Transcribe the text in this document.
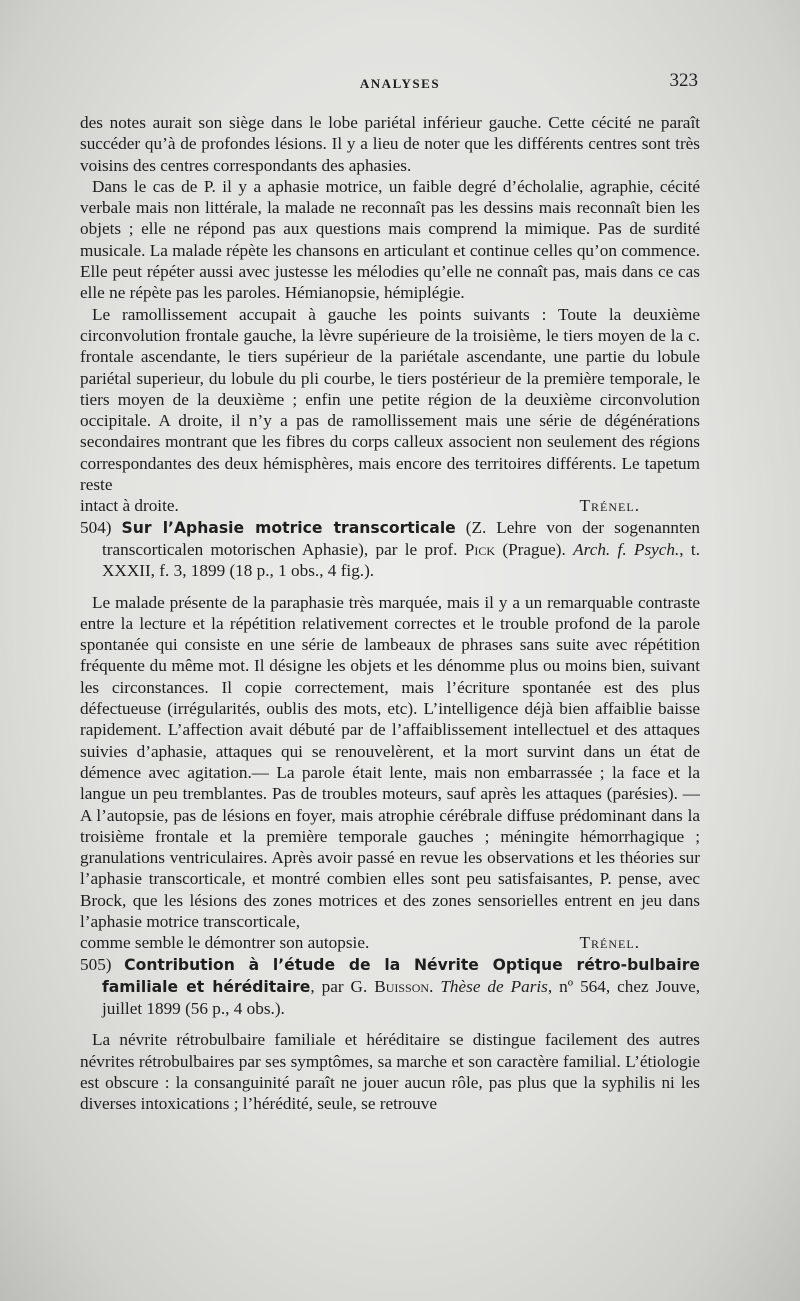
ANALYSES	323

des notes aurait son siège dans le lobe pariétal inférieur gauche. Cette cécité ne paraît succéder qu’à de profondes lésions. Il y a lieu de noter que les différents centres sont très voisins des centres correspondants des aphasies.

Dans le cas de P. il y a aphasie motrice, un faible degré d’écholalie, agraphie, cécité verbale mais non littérale, la malade ne reconnaît pas les dessins mais reconnaît bien les objets ; elle ne répond pas aux questions mais comprend la mimique. Pas de surdité musicale. La malade répète les chansons en articulant et continue celles qu’on commence. Elle peut répéter aussi avec justesse les mélodies qu’elle ne connaît pas, mais dans ce cas elle ne répète pas les paroles. Hémianopsie, hémiplégie.

Le ramollissement accupait à gauche les points suivants : Toute la deuxième circonvolution frontale gauche, la lèvre supérieure de la troisième, le tiers moyen de la c. frontale ascendante, le tiers supérieur de la pariétale ascendante, une partie du lobule pariétal superieur, du lobule du pli courbe, le tiers postérieur de la première temporale, le tiers moyen de la deuxième ; enfin une petite région de la deuxième circonvolution occipitale. A droite, il n’y a pas de ramollissement mais une série de dégénérations secondaires montrant que les fibres du corps calleux associent non seulement des régions correspondantes des deux hémisphères, mais encore des territoires différents. Le tapetum reste

intact à droite.	Trénel.

504) Sur l’Aphasie motrice transcorticale (Z. Lehre von der sogenannten transcorticalen motorischen Aphasie), par le prof. Pick (Prague). Arch. f. Psych., t. XXXII, f. 3, 1899 (18 p., 1 obs., 4 fig.).

Le malade présente de la paraphasie très marquée, mais il y a un remarquable contraste entre la lecture et la répétition relativement correctes et le trouble profond de la parole spontanée qui consiste en une série de lambeaux de phrases sans suite avec répétition fréquente du même mot. Il désigne les objets et les dénomme plus ou moins bien, suivant les circonstances. Il copie correctement, mais l’écriture spontanée est des plus défectueuse (irrégularités, oublis des mots, etc). L’intelligence déjà bien affaiblie baisse rapidement. L’affection avait débuté par de l’affaiblissement intellectuel et des attaques suivies d’aphasie, attaques qui se renouvelèrent, et la mort survint dans un état de démence avec agitation.— La parole était lente, mais non embarrassée ; la face et la langue un peu tremblantes. Pas de troubles moteurs, sauf après les attaques (parésies). — A l’autopsie, pas de lésions en foyer, mais atrophie cérébrale diffuse prédominant dans la troisième frontale et la première temporale gauches ; méningite hémorrhagique ; granulations ventriculaires. Après avoir passé en revue les observations et les théories sur l’aphasie transcorticale, et montré combien elles sont peu satisfaisantes, P. pense, avec Brock, que les lésions des zones motrices et des zones sensorielles entrent en jeu dans l’aphasie motrice transcorticale,

comme semble le démontrer son autopsie.	Trénel.

505) Contribution à l’étude de la Névrite Optique rétro-bulbaire familiale et héréditaire, par G. Buisson. Thèse de Paris, nº 564, chez Jouve, juillet 1899 (56 p., 4 obs.).

La névrite rétrobulbaire familiale et héréditaire se distingue facilement des autres névrites rétrobulbaires par ses symptômes, sa marche et son caractère familial. L’étiologie est obscure : la consanguinité paraît ne jouer aucun rôle, pas plus que la syphilis ni les diverses intoxications ; l’hérédité, seule, se retrouve
